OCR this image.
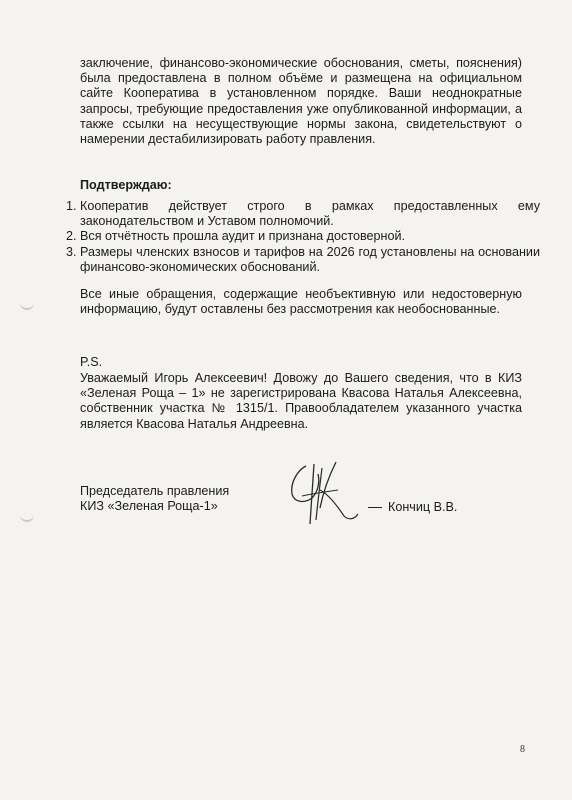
заключение, финансово-экономические обоснования, сметы, пояснения) была предоставлена в полном объёме и размещена на официальном сайте Кооператива в установленном порядке. Ваши неоднократные запросы, требующие предоставления уже опубликованной информации, а также ссылки на несуществующие нормы закона, свидетельствуют о намерении дестабилизировать работу правления.
Подтверждаю:
1. Кооператив действует строго в рамках предоставленных ему законодательством и Уставом полномочий.
2. Вся отчётность прошла аудит и признана достоверной.
3. Размеры членских взносов и тарифов на 2026 год установлены на основании финансово-экономических обоснований.
Все иные обращения, содержащие необъективную или недостоверную информацию, будут оставлены без рассмотрения как необоснованные.
P.S.
Уважаемый Игорь Алексеевич! Довожу до Вашего сведения, что в КИЗ «Зеленая Роща – 1» не зарегистрирована Квасова Наталья Алексеевна, собственник участка № 1315/1. Правообладателем указанного участка является Квасова Наталья Андреевна.
Председатель правления
КИЗ «Зеленая Роща-1»	Кончиц В.В.
8
